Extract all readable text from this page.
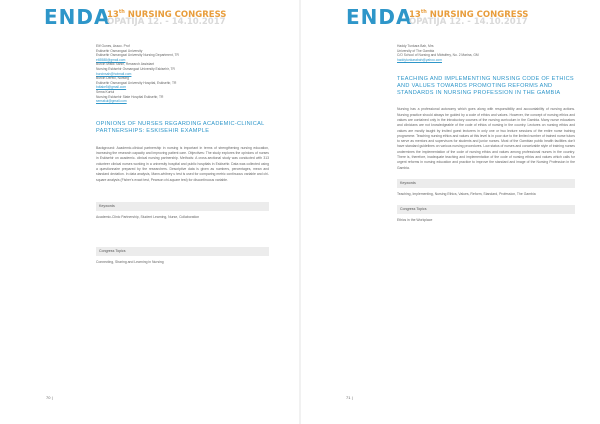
ENDA
13th NURSING CONGRESS
OPATIJA 12. - 14.10.2017
Elif Gunes, Assoc. Prof
Eskisehir Osmangazi University
Eskisehir Osmangazi University Nursing Department, TR
e65588@gmail.com
Burcin Mistik Sahin, Research Assistant
Nursing Eskisehir Osmangazi University Eskisehir, TR
burcinsah@hotmail.com
Burcin Dereci, Nursing
Eskisehir Osmangazi University Hospital, Eskisehir, TR
bdtake5@gmail.com
Sema Kurtul
Nursing Eskisehir State Hospital Eskisehir, TR
semakul@gmail.com
OPINIONS OF NURSES REGARDING ACADEMIC-CLINICAL PARTNERSHIPS: ESKISEHIR EXAMPLE
Background: Academic-clinical partnership in nursing is important in terms of strengthening nursing education, increasing the research capacity and improving patient care. Objectives: The study explores the opinions of nurses in Eskisehir on academic- clinical nursing partnership. Methods: A cross-sectional study was conducted with 313 volunteer clinical nurses working in a university hospital and public hospitals in Eskisehir. Data was collected using a questionnaire prepared by the researchers. Descriptive data is given as numbers, percentages, mean and standard deviation. In data analysis, Mann-whitney u test is used for comparing metric continuous variable and chi-square analysis (Fisher's exact test, Pearson chi-square test) for discontinuous variable.
Keywords
Academic-Clinic Partnership, Student Learning, Nurse, Collaboration
Congress Topics
Connecting, Sharing and Learning in Nursing
70 |
ENDA
13th NURSING CONGRESS
OPATIJA 12. - 14.10.2017
Haddy Tunkara Bah, Mrs
University of The Gambia
C/O School of Nursing and Midwifery, No. 2 Marina, GM
haddytunkarabah@yahoo.com
TEACHING AND IMPLEMENTING NURSING CODE OF ETHICS AND VALUES TOWARDS PROMOTING REFORMS AND STANDARDS IN NURSING PROFESSION IN THE GAMBIA
Nursing has a professional autonomy which goes along with responsibility and accountability of nursing actions. Nursing practice should always be guided by a code of ethics and values. However, the concept of nursing ethics and values are contained only in the introductory courses of the nursing curriculum in the Gambia. Many nurse educators and clinicians are not knowledgeable of the code of ethics of nursing in the country. Lectures on nursing ethics and values are mostly taught by invited guest lecturers in only one or two lecture sessions of the entire nurse training programme. Teaching nursing ethics and values at this level is in poor due to the limited number of trained nurse tutors to serve as mentors and supervisors for students and junior nurses. Most of the Gambian public health facilities don't have standard guidelines on various nursing procedures. Low status of nurses and conceivable style of training nurses undermines the implementation of the code of nursing ethics and values among professional nurses in the country. There is, therefore, inadequate teaching and implementation of the code of nursing ethics and values which calls for urgent reforms in nursing education and practice to improve the standard and image of the Nursing Profession in the Gambia.
Keywords
Teaching, Implementing, Nursing Ethics, Values, Reform, Standard, Profession, The Gambia
Congress Topics
Ethics in the Workplace
71 |
